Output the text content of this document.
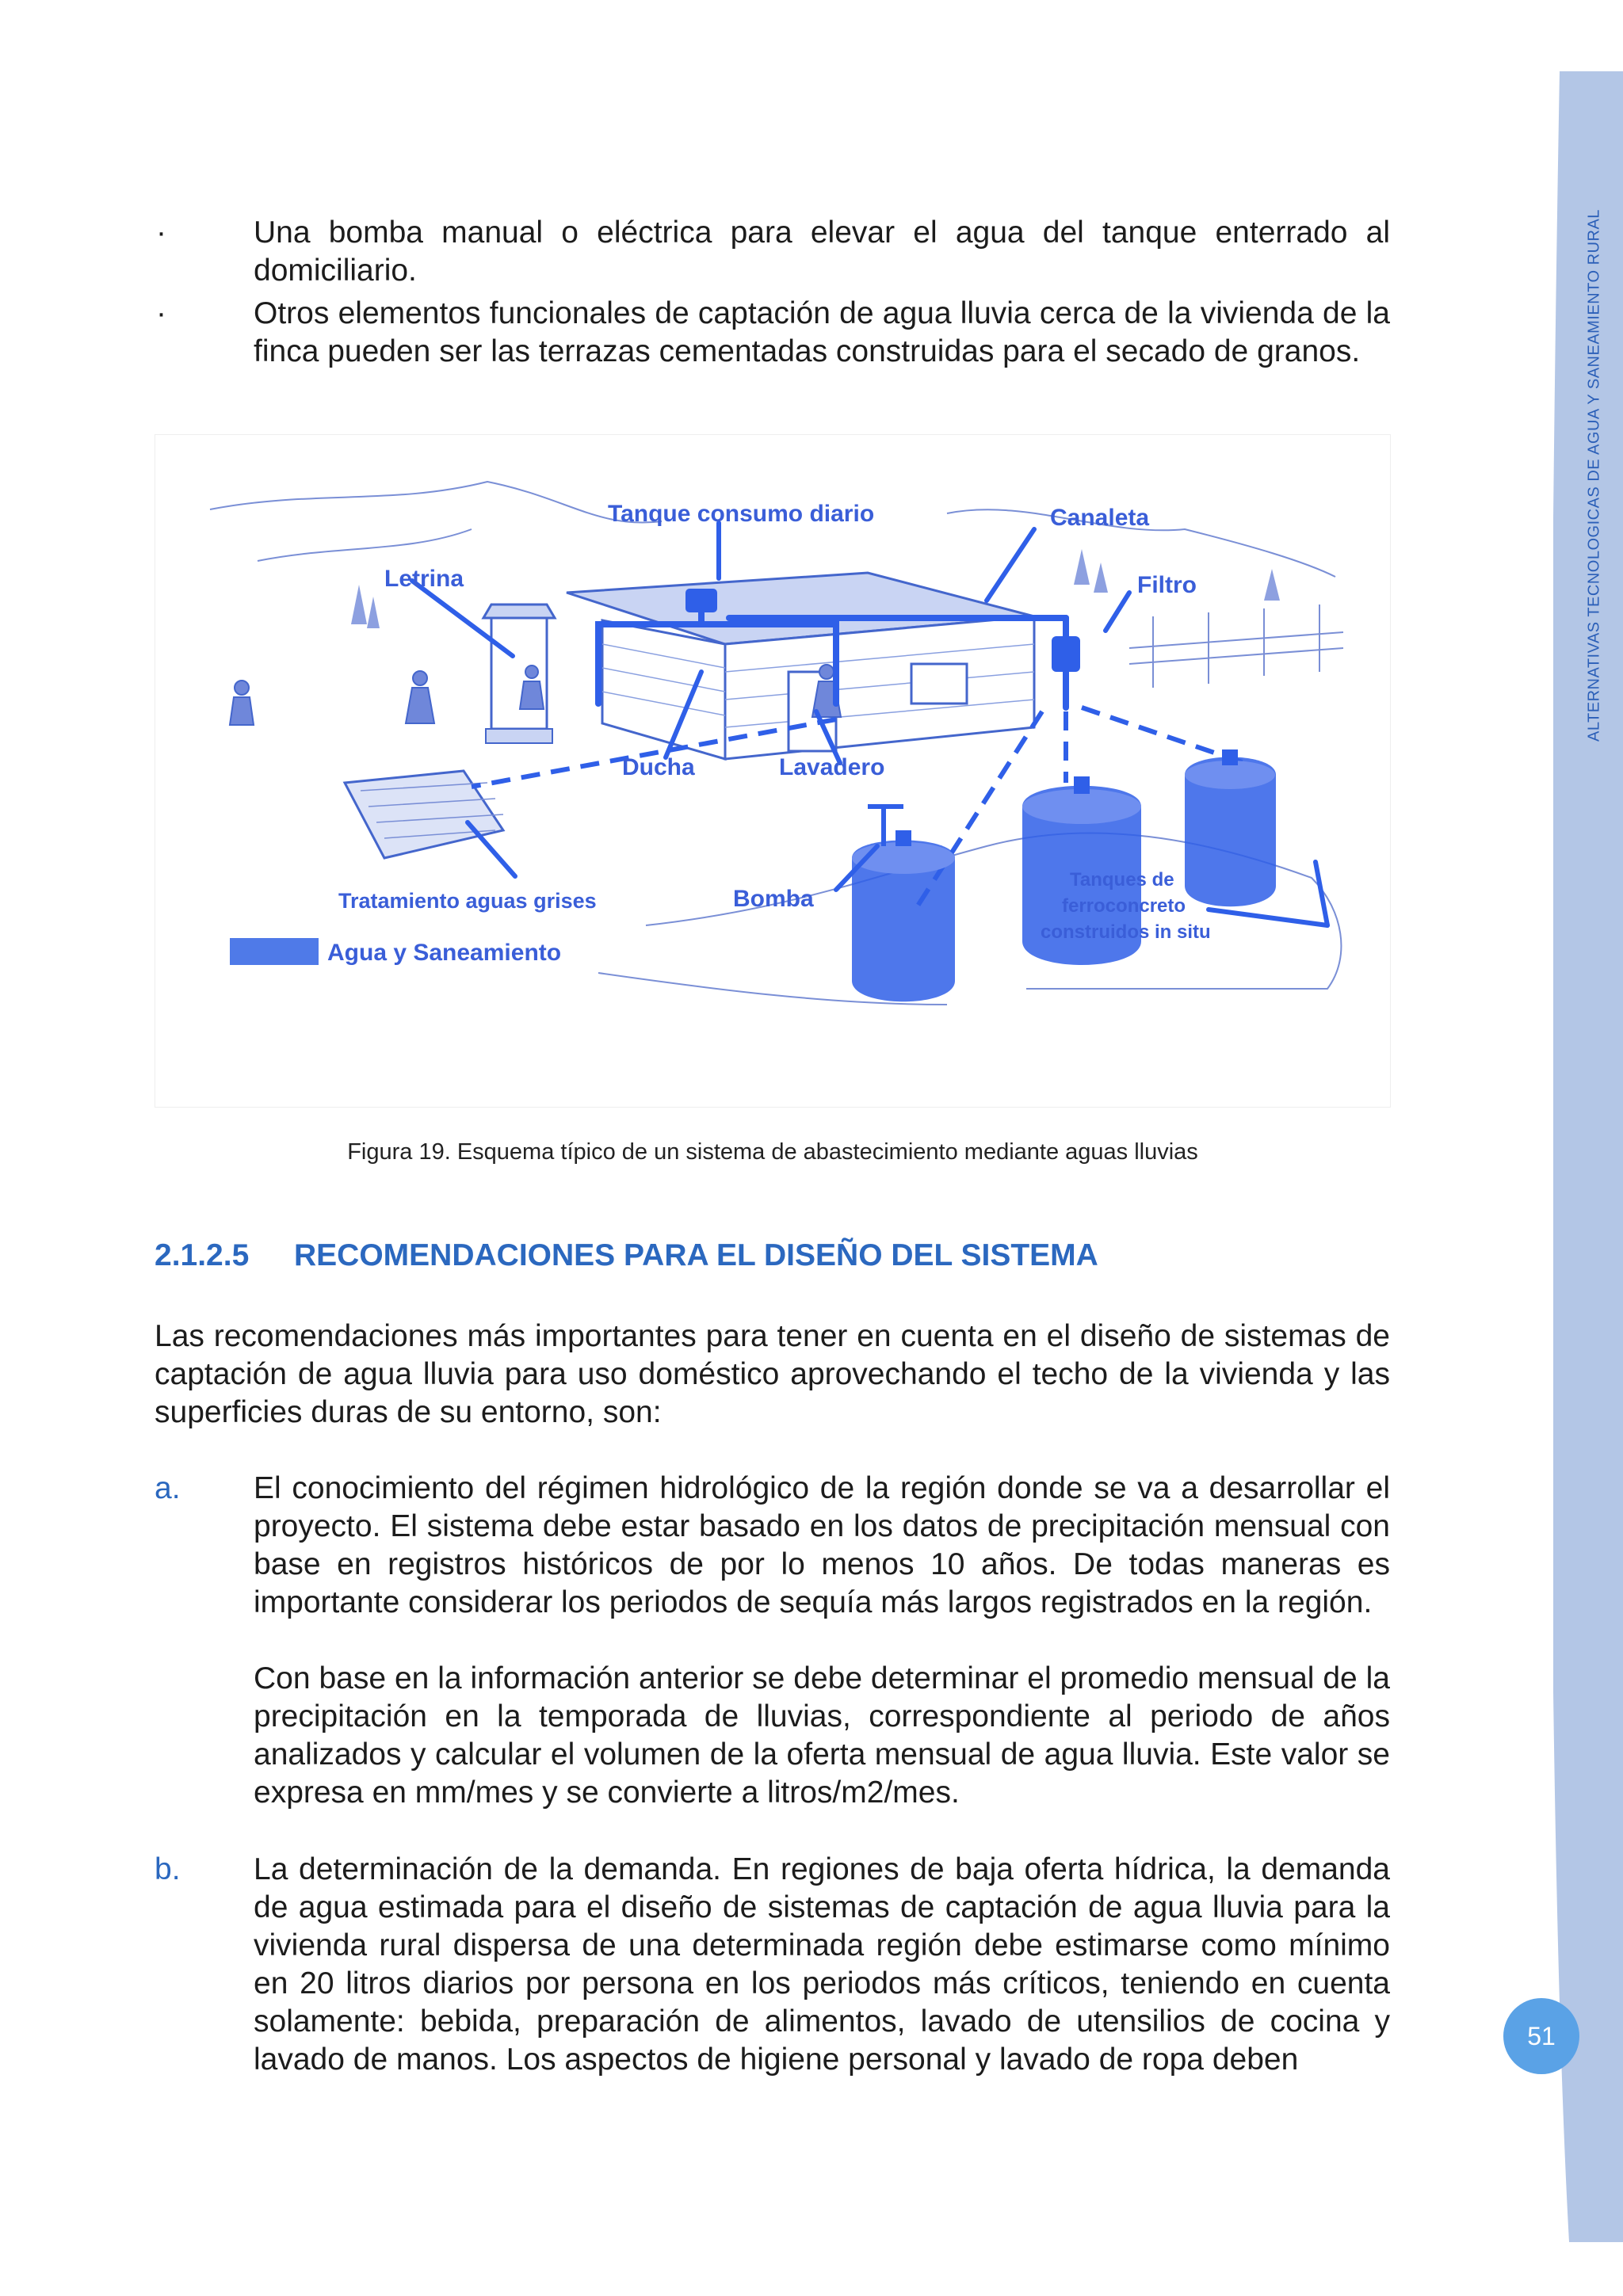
ALTERNATIVAS TECNOLOGICAS DE AGUA Y SANEAMIENTO RURAL
51
·	Una bomba manual o eléctrica para elevar el agua del tanque enterrado al domiciliario.
·	Otros elementos funcionales de captación de agua lluvia cerca de la vivienda de la finca pueden ser las terrazas cementadas construidas para el secado de granos.
Tanque consumo diario	Canaleta
Letrina	Filtro
Ducha	Lavadero
Tratamiento aguas grises	Bomba
Tanques de
ferroconcreto
construidos in situ
Agua y Saneamiento
Figura 19. Esquema típico de un sistema de abastecimiento mediante aguas lluvias
2.1.2.5 RECOMENDACIONES PARA EL DISEÑO DEL SISTEMA
Las recomendaciones más importantes para tener en cuenta en el diseño de sistemas de captación de agua lluvia para uso doméstico aprovechando el techo de la vivienda y las superficies duras de su entorno, son:
a. El conocimiento del régimen hidrológico de la región donde se va a desarrollar el proyecto. El sistema debe estar basado en los datos de precipitación mensual con base en registros históricos de por lo menos 10 años. De todas maneras es importante considerar los periodos de sequía más largos registrados en la región.
Con base en la información anterior se debe determinar el promedio mensual de la precipitación en la temporada de lluvias, correspondiente al periodo de años analizados y calcular el volumen de la oferta mensual de agua lluvia. Este valor se expresa en mm/mes y se convierte a litros/m2/mes.
b. La determinación de la demanda. En regiones de baja oferta hídrica, la demanda de agua estimada para el diseño de sistemas de captación de agua lluvia para la vivienda rural dispersa de una determinada región debe estimarse como mínimo en 20 litros diarios por persona en los periodos más críticos, teniendo en cuenta solamente: bebida, preparación de alimentos, lavado de utensilios de cocina y lavado de manos. Los aspectos de higiene personal y lavado de ropa deben
